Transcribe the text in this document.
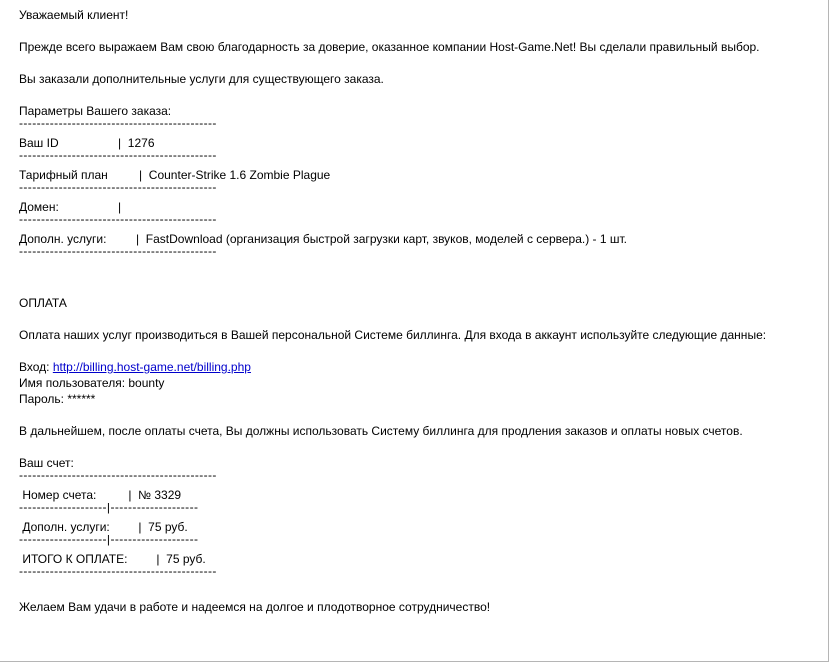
Уважаемый клиент!

Прежде всего выражаем Вам свою благодарность за доверие, оказанное компании Host-Game.Net! Вы сделали правильный выбор.

Вы заказали дополнительные услуги для существующего заказа.

Параметры Вашего заказа:

---------------------------------------------
Ваш ID	|  1276
---------------------------------------------
Тарифный план	|  Counter-Strike 1.6 Zombie Plague
---------------------------------------------
Домен:	|
---------------------------------------------
Дополн. услуги: |  FastDownload (организация быстрой загрузки карт, звуков, моделей с сервера.) - 1 шт.
---------------------------------------------

ОПЛАТА

Оплата наших услуг производиться в Вашей персональной Системе биллинга. Для входа в аккаунт используйте следующие данные:

Вход: http://billing.host-game.net/billing.php

Имя пользователя: bounty

Пароль: ******

В дальнейшем, после оплаты счета, Вы должны использовать Систему биллинга для продления заказов и оплаты новых счетов.

Ваш счет:

---------------------------------------------
Номер счета:	|  № 3329
--------------------|--------------------
Дополн. услуги: |  75 руб.
--------------------|--------------------
ИТОГО К ОПЛАТЕ: |  75 руб.
---------------------------------------------

Желаем Вам удачи в работе и надеемся на долгое и плодотворное сотрудничество!
